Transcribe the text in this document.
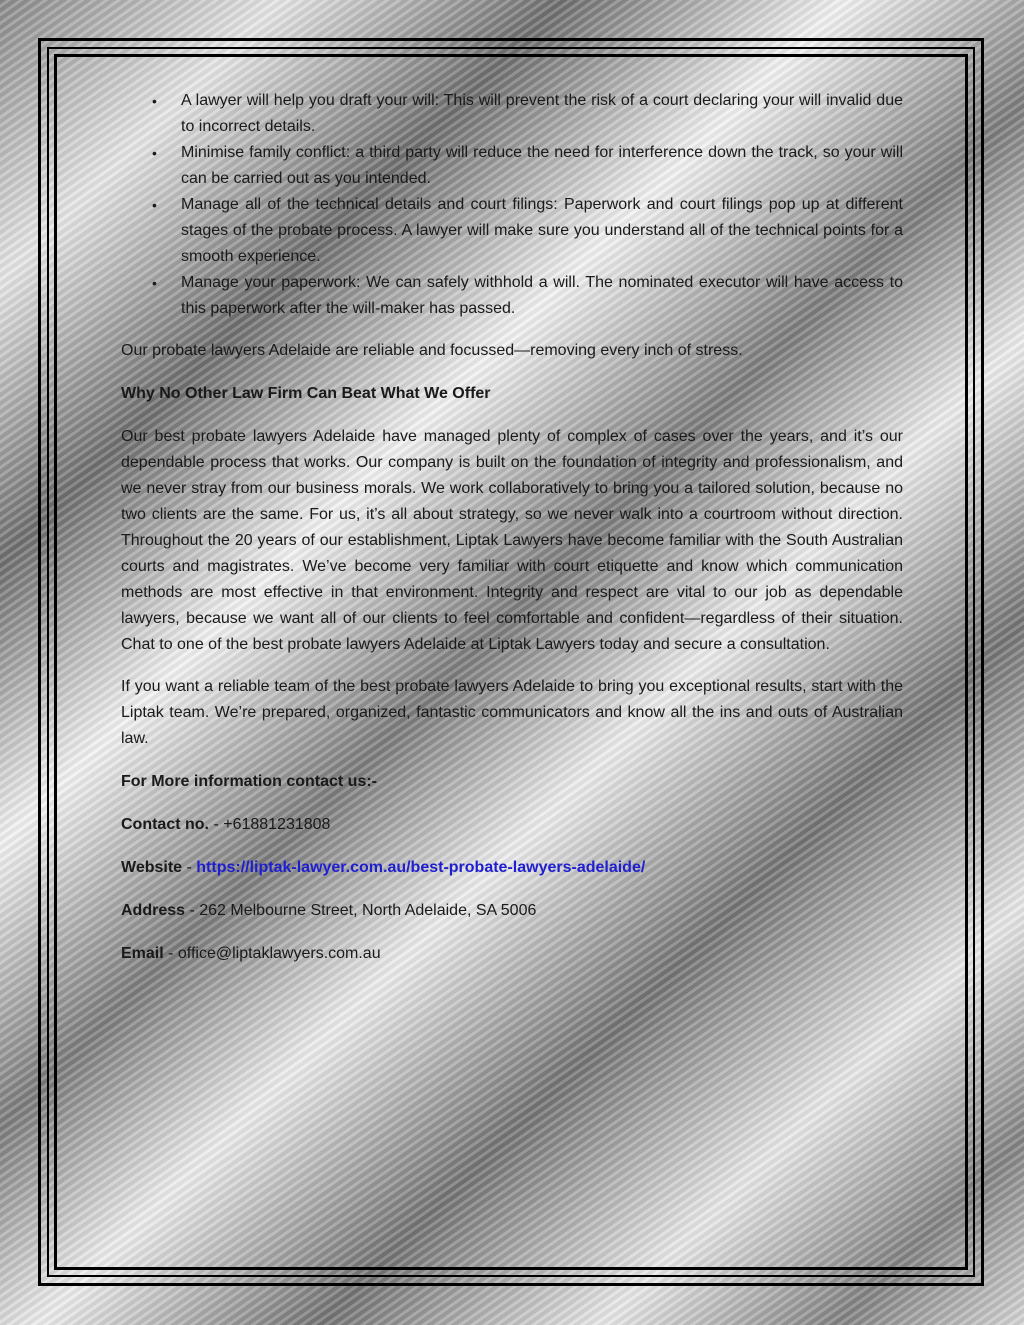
• A lawyer will help you draft your will: This will prevent the risk of a court declaring your will invalid due to incorrect details.
• Minimise family conflict: a third party will reduce the need for interference down the track, so your will can be carried out as you intended.
• Manage all of the technical details and court filings: Paperwork and court filings pop up at different stages of the probate process. A lawyer will make sure you understand all of the technical points for a smooth experience.
• Manage your paperwork: We can safely withhold a will. The nominated executor will have access to this paperwork after the will-maker has passed.

Our probate lawyers Adelaide are reliable and focussed—removing every inch of stress.

Why No Other Law Firm Can Beat What We Offer

Our best probate lawyers Adelaide have managed plenty of complex of cases over the years, and it’s our dependable process that works. Our company is built on the foundation of integrity and professionalism, and we never stray from our business morals. We work collaboratively to bring you a tailored solution, because no two clients are the same. For us, it’s all about strategy, so we never walk into a courtroom without direction. Throughout the 20 years of our establishment, Liptak Lawyers have become familiar with the South Australian courts and magistrates. We’ve become very familiar with court etiquette and know which communication methods are most effective in that environment. Integrity and respect are vital to our job as dependable lawyers, because we want all of our clients to feel comfortable and confident—regardless of their situation. Chat to one of the best probate lawyers Adelaide at Liptak Lawyers today and secure a consultation.

If you want a reliable team of the best probate lawyers Adelaide to bring you exceptional results, start with the Liptak team. We’re prepared, organized, fantastic communicators and know all the ins and outs of Australian law.

For More information contact us:-

Contact no. - +61881231808

Website - https://liptak-lawyer.com.au/best-probate-lawyers-adelaide/

Address - 262 Melbourne Street, North Adelaide, SA 5006

Email - office@liptaklawyers.com.au
